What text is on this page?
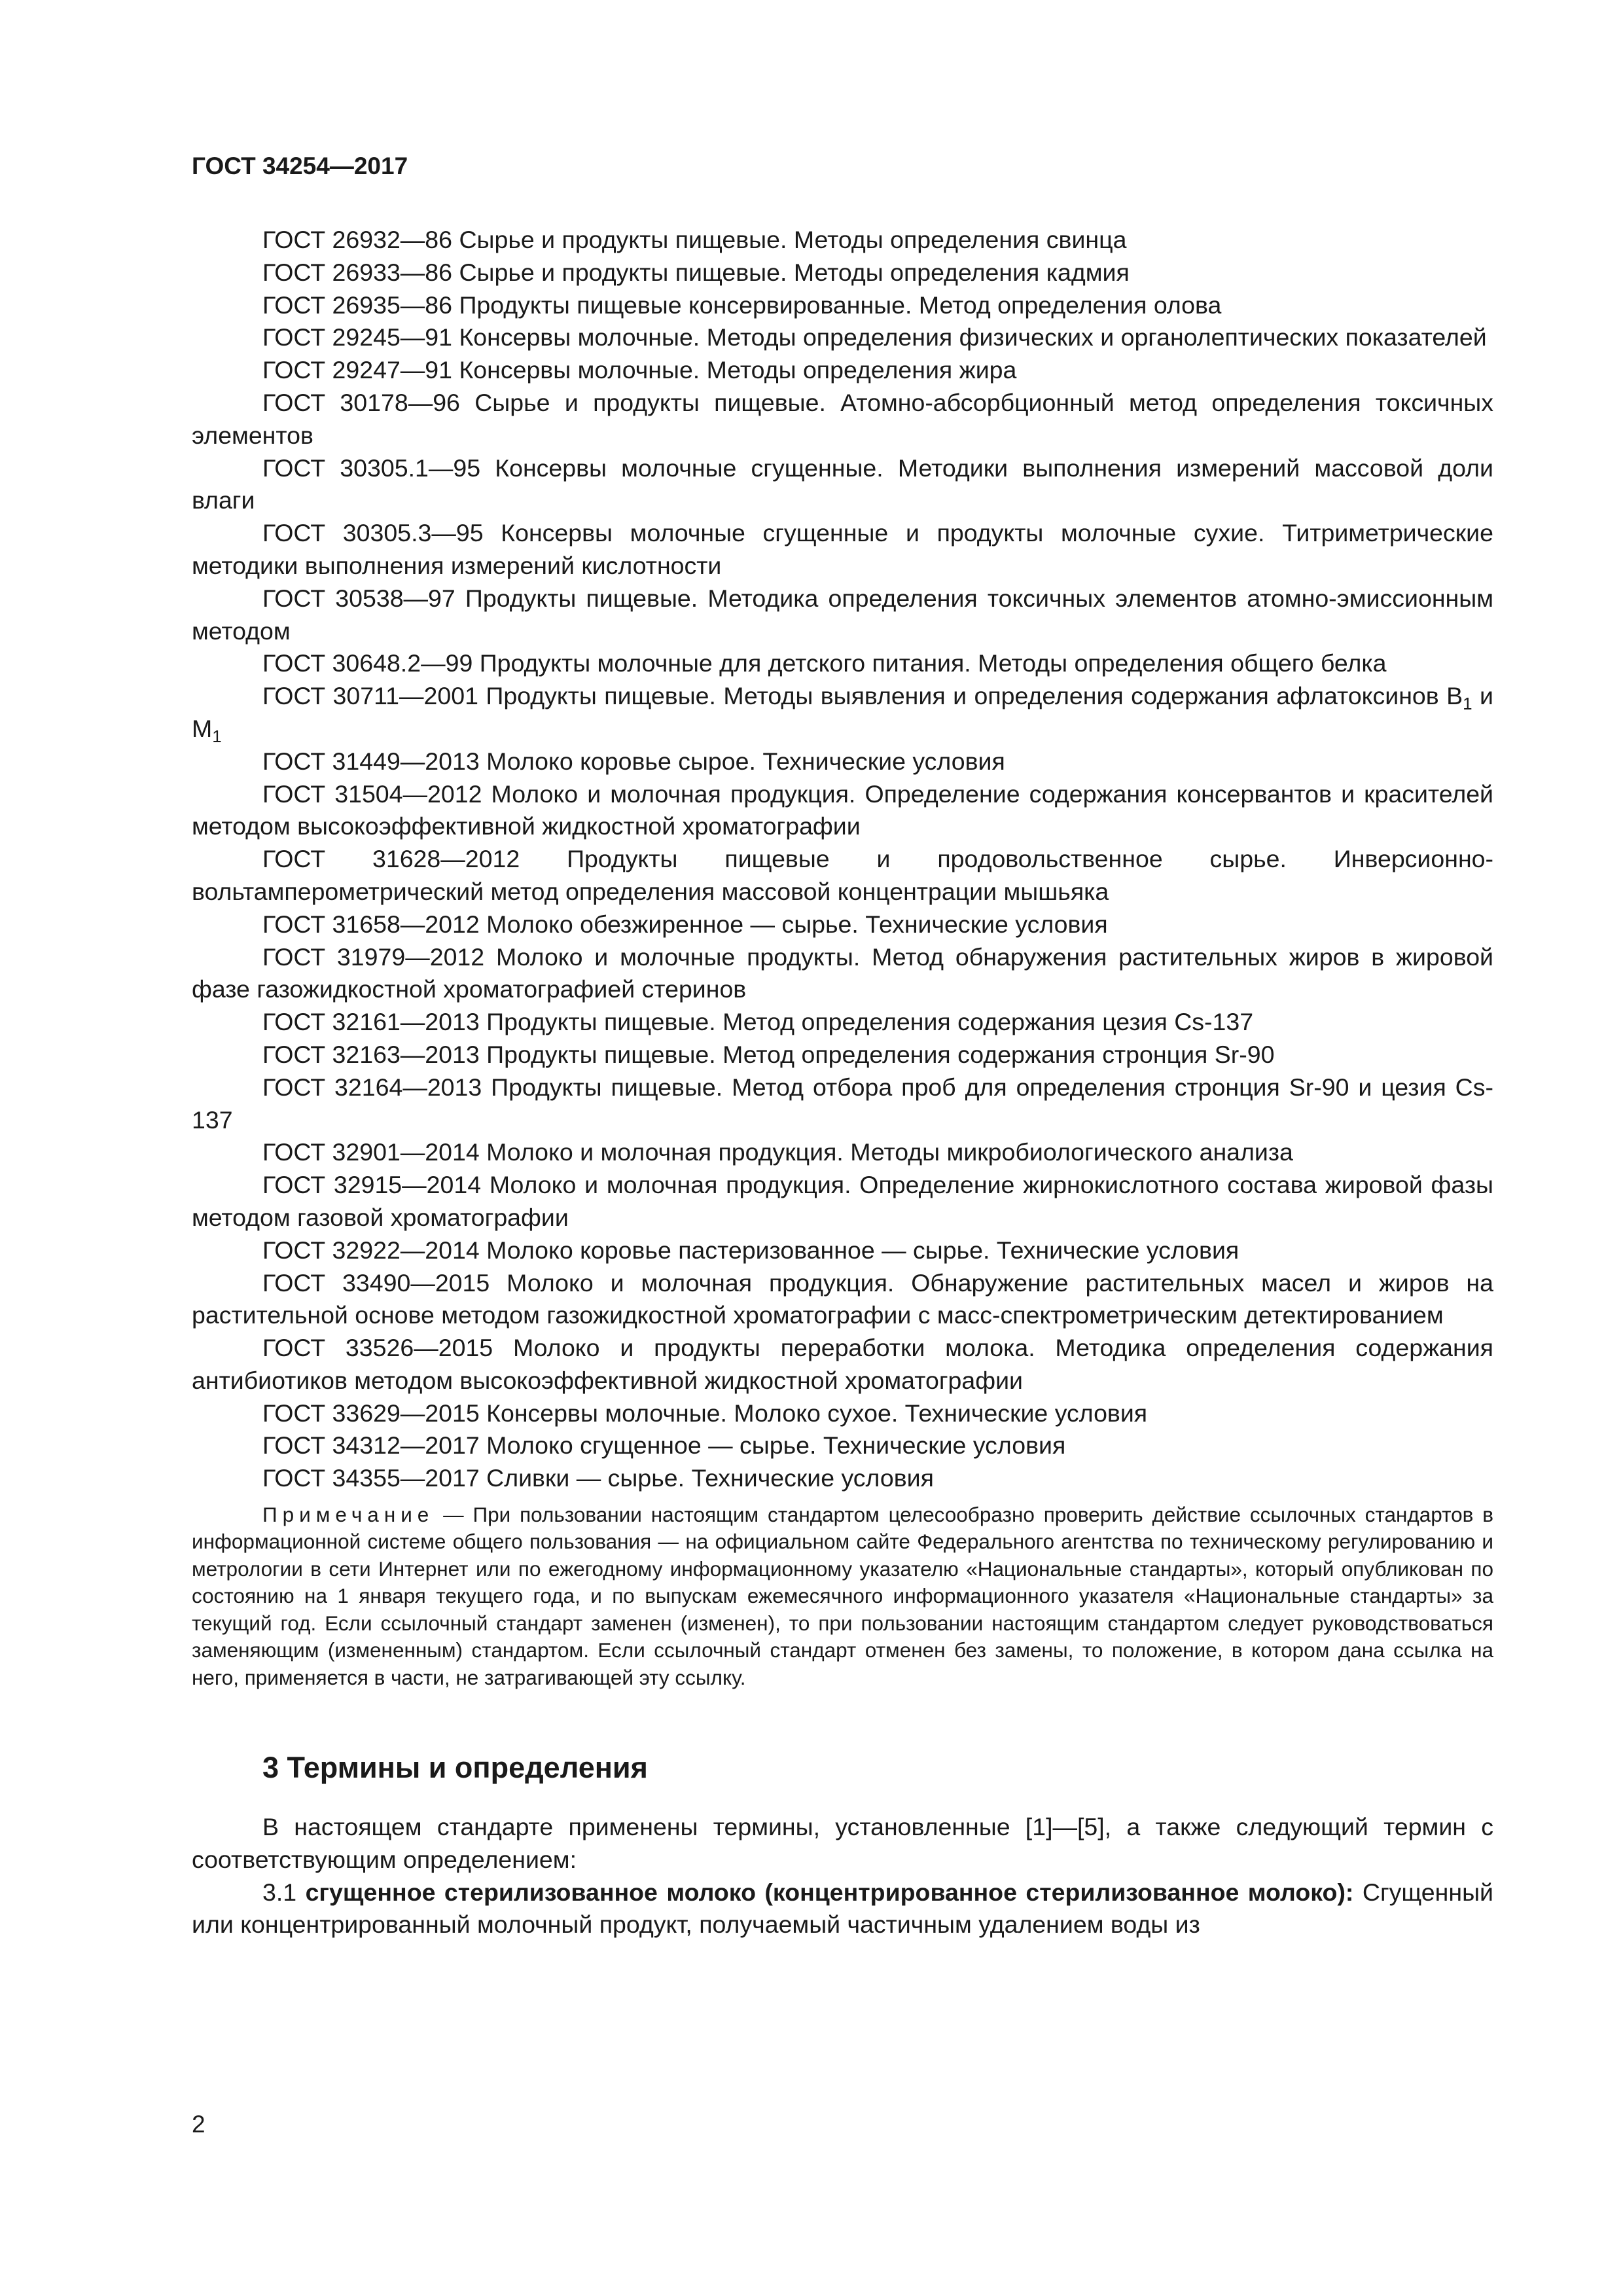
ГОСТ 34254—2017

ГОСТ 26932—86 Сырье и продукты пищевые. Методы определения свинца

ГОСТ 26933—86 Сырье и продукты пищевые. Методы определения кадмия

ГОСТ 26935—86 Продукты пищевые консервированные. Метод определения олова

ГОСТ 29245—91 Консервы молочные. Методы определения физических и органолептических показателей

ГОСТ 29247—91 Консервы молочные. Методы определения жира

ГОСТ 30178—96 Сырье и продукты пищевые. Атомно-абсорбционный метод определения токсичных элементов

ГОСТ 30305.1—95 Консервы молочные сгущенные. Методики выполнения измерений массовой доли влаги

ГОСТ 30305.3—95 Консервы молочные сгущенные и продукты молочные сухие. Титриметрические методики выполнения измерений кислотности

ГОСТ 30538—97 Продукты пищевые. Методика определения токсичных элементов атомно-эмиссионным методом

ГОСТ 30648.2—99 Продукты молочные для детского питания. Методы определения общего белка

ГОСТ 30711—2001 Продукты пищевые. Методы выявления и определения содержания афлатоксинов $B_1$ и $M_1$

ГОСТ 31449—2013 Молоко коровье сырое. Технические условия

ГОСТ 31504—2012 Молоко и молочная продукция. Определение содержания консервантов и красителей методом высокоэффективной жидкостной хроматографии

ГОСТ 31628—2012 Продукты пищевые и продовольственное сырье. Инверсионно-вольтамперометрический метод определения массовой концентрации мышьяка

ГОСТ 31658—2012 Молоко обезжиренное — сырье. Технические условия

ГОСТ 31979—2012 Молоко и молочные продукты. Метод обнаружения растительных жиров в жировой фазе газожидкостной хроматографией стеринов

ГОСТ 32161—2013 Продукты пищевые. Метод определения содержания цезия Cs-137

ГОСТ 32163—2013 Продукты пищевые. Метод определения содержания стронция Sr-90

ГОСТ 32164—2013 Продукты пищевые. Метод отбора проб для определения стронция Sr-90 и цезия Cs-137

ГОСТ 32901—2014 Молоко и молочная продукция. Методы микробиологического анализа

ГОСТ 32915—2014 Молоко и молочная продукция. Определение жирнокислотного состава жировой фазы методом газовой хроматографии

ГОСТ 32922—2014 Молоко коровье пастеризованное — сырье. Технические условия

ГОСТ 33490—2015 Молоко и молочная продукция. Обнаружение растительных масел и жиров на растительной основе методом газожидкостной хроматографии с масс-спектрометрическим детектированием

ГОСТ 33526—2015 Молоко и продукты переработки молока. Методика определения содержания антибиотиков методом высокоэффективной жидкостной хроматографии

ГОСТ 33629—2015 Консервы молочные. Молоко сухое. Технические условия

ГОСТ 34312—2017 Молоко сгущенное — сырье. Технические условия

ГОСТ 34355—2017 Сливки — сырье. Технические условия

Примечание — При пользовании настоящим стандартом целесообразно проверить действие ссылочных стандартов в информационной системе общего пользования — на официальном сайте Федерального агентства по техническому регулированию и метрологии в сети Интернет или по ежегодному информационному указателю «Национальные стандарты», который опубликован по состоянию на 1 января текущего года, и по выпускам ежемесячного информационного указателя «Национальные стандарты» за текущий год. Если ссылочный стандарт заменен (изменен), то при пользовании настоящим стандартом следует руководствоваться заменяющим (измененным) стандартом. Если ссылочный стандарт отменен без замены, то положение, в котором дана ссылка на него, применяется в части, не затрагивающей эту ссылку.
3 Термины и определения

В настоящем стандарте применены термины, установленные [1]—[5], а также следующий термин с соответствующим определением:

3.1 сгущенное стерилизованное молоко (концентрированное стерилизованное молоко): Сгущенный или концентрированный молочный продукт, получаемый частичным удалением воды из

2
